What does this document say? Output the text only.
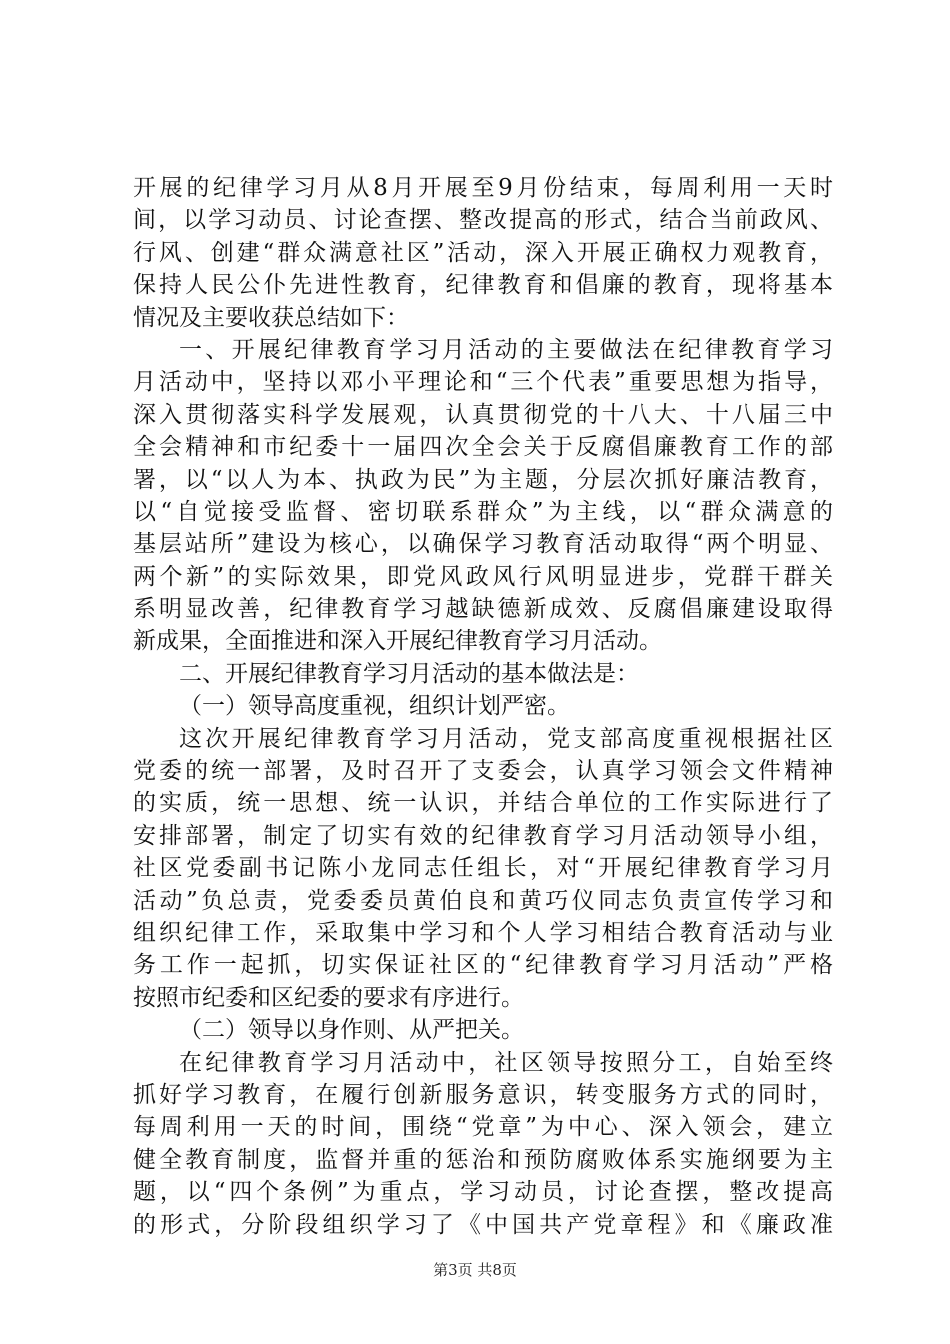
开展的纪律学习月从8月开展至9月份结束，每周利用一天时
间，以学习动员、讨论查摆、整改提高的形式，结合当前政风、
行风、创建“群众满意社区”活动，深入开展正确权力观教育，
保持人民公仆先进性教育，纪律教育和倡廉的教育，现将基本
情况及主要收获总结如下：
一、开展纪律教育学习月活动的主要做法在纪律教育学习
月活动中，坚持以邓小平理论和“三个代表”重要思想为指导，
深入贯彻落实科学发展观，认真贯彻党的十八大、十八届三中
全会精神和市纪委十一届四次全会关于反腐倡廉教育工作的部
署，以“以人为本、执政为民”为主题，分层次抓好廉洁教育，
以“自觉接受监督、密切联系群众”为主线，以“群众满意的
基层站所”建设为核心，以确保学习教育活动取得“两个明显、
两个新”的实际效果，即党风政风行风明显进步，党群干群关
系明显改善，纪律教育学习越缺德新成效、反腐倡廉建设取得
新成果，全面推进和深入开展纪律教育学习月活动。
二、开展纪律教育学习月活动的基本做法是：
（一）领导高度重视，组织计划严密。
这次开展纪律教育学习月活动，党支部高度重视根据社区
党委的统一部署，及时召开了支委会，认真学习领会文件精神
的实质，统一思想、统一认识，并结合单位的工作实际进行了
安排部署，制定了切实有效的纪律教育学习月活动领导小组，
社区党委副书记陈小龙同志任组长，对“开展纪律教育学习月
活动”负总责，党委委员黄伯良和黄巧仪同志负责宣传学习和
组织纪律工作，采取集中学习和个人学习相结合教育活动与业
务工作一起抓，切实保证社区的“纪律教育学习月活动”严格
按照市纪委和区纪委的要求有序进行。
（二）领导以身作则、从严把关。
在纪律教育学习月活动中，社区领导按照分工，自始至终
抓好学习教育，在履行创新服务意识，转变服务方式的同时，
每周利用一天的时间，围绕“党章”为中心、深入领会，建立
健全教育制度，监督并重的惩治和预防腐败体系实施纲要为主
题，以“四个条例”为重点，学习动员，讨论查摆，整改提高
的形式，分阶段组织学习了《中国共产党章程》和《廉政准
第3页 共8页
